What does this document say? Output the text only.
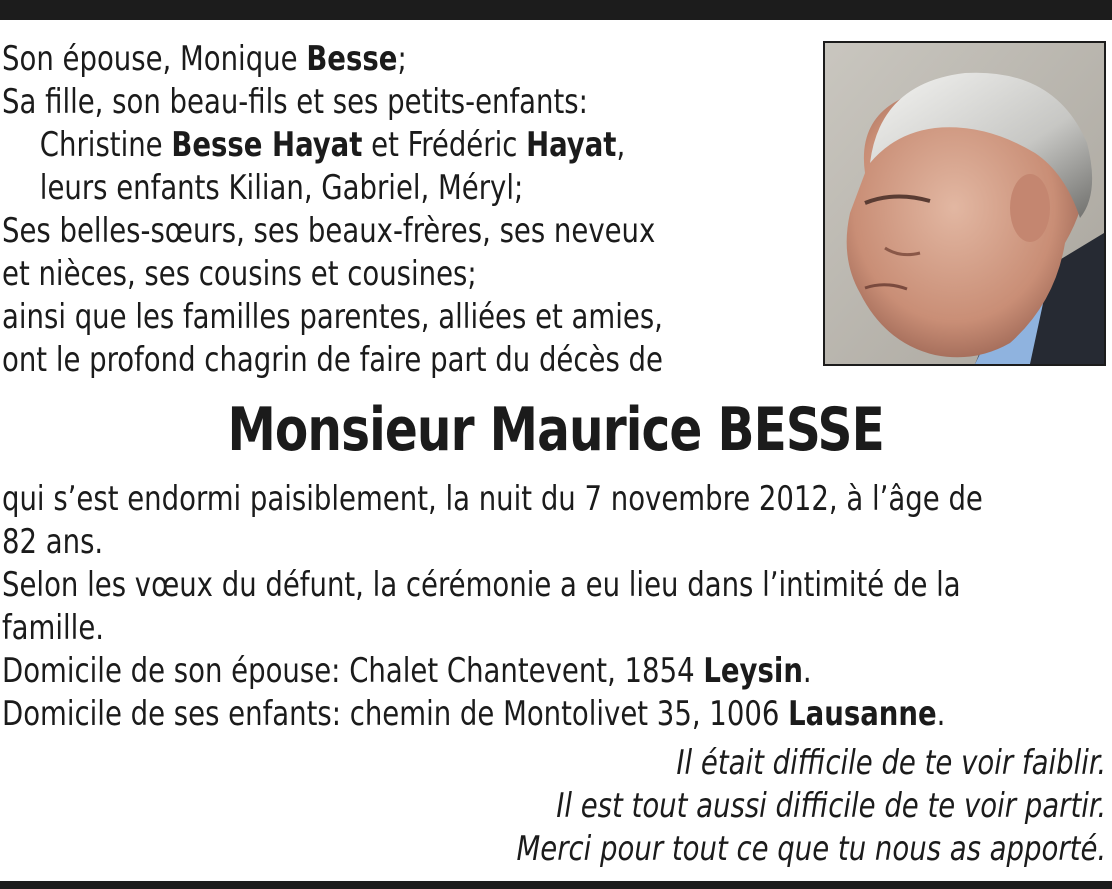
Son épouse, Monique Besse;
Sa fille, son beau-fils et ses petits-enfants:
Christine Besse Hayat et Frédéric Hayat,
leurs enfants Kilian, Gabriel, Méryl;
Ses belles-sœurs, ses beaux-frères, ses neveux
et nièces, ses cousins et cousines;
ainsi que les familles parentes, alliées et amies,
ont le profond chagrin de faire part du décès de
Monsieur Maurice BESSE
qui s’est endormi paisiblement, la nuit du 7 novembre 2012, à l’âge de
82 ans.
Selon les vœux du défunt, la cérémonie a eu lieu dans l’intimité de la
famille.
Domicile de son épouse: Chalet Chantevent, 1854 Leysin.
Domicile de ses enfants: chemin de Montolivet 35, 1006 Lausanne.
Il était difficile de te voir faiblir.
Il est tout aussi difficile de te voir partir.
Merci pour tout ce que tu nous as apporté.
